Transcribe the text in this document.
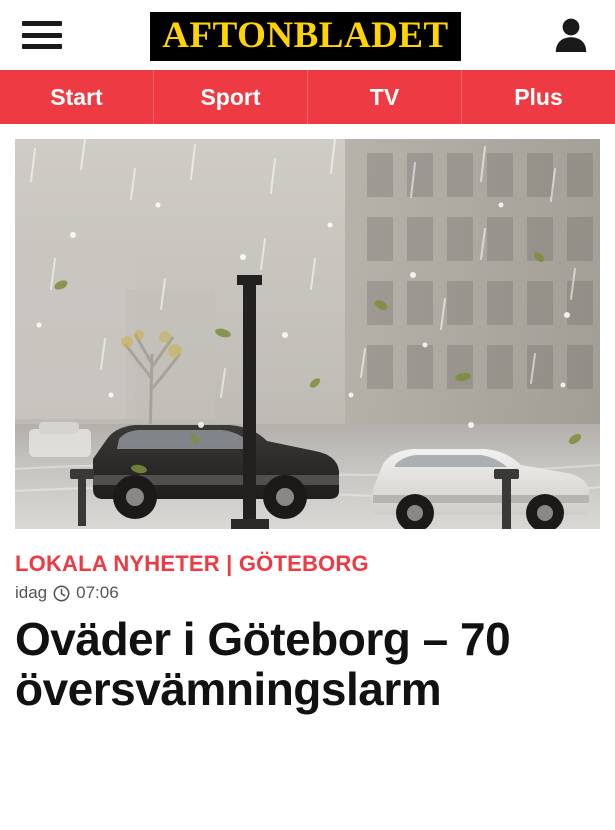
AFTONBLADET
Start	Sport	TV	Plus
LOKALA NYHETER | GÖTEBORG
idag 07:06
Oväder i Göteborg – 70 översvämningslarm
